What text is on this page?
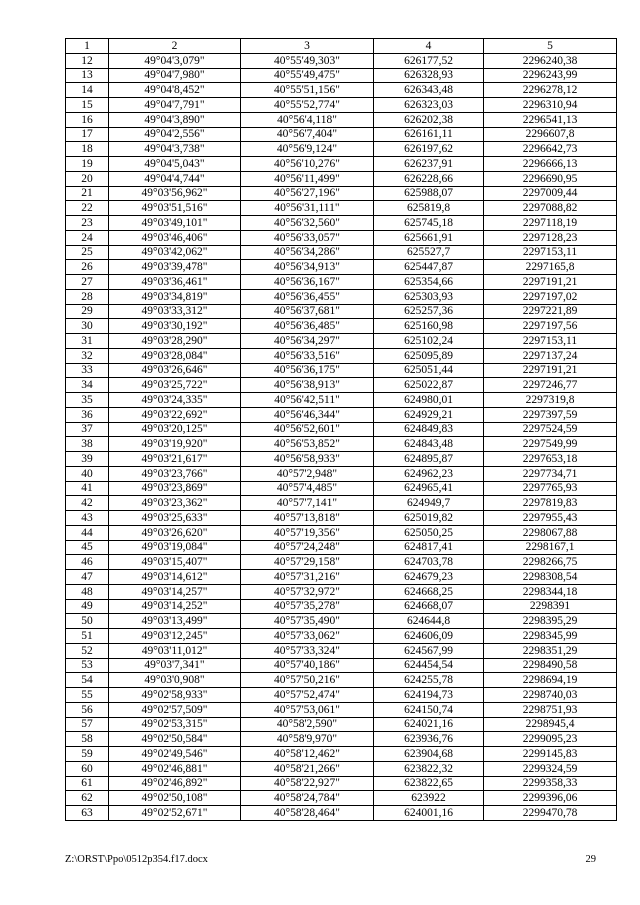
1	2	3	4	5
12	49°04'3,079"	40°55'49,303"	626177,52	2296240,38
13	49°04'7,980"	40°55'49,475"	626328,93	2296243,99
14	49°04'8,452"	40°55'51,156"	626343,48	2296278,12
15	49°04'7,791"	40°55'52,774"	626323,03	2296310,94
16	49°04'3,890"	40°56'4,118"	626202,38	2296541,13
17	49°04'2,556"	40°56'7,404"	626161,11	2296607,8
18	49°04'3,738"	40°56'9,124"	626197,62	2296642,73
19	49°04'5,043"	40°56'10,276"	626237,91	2296666,13
20	49°04'4,744"	40°56'11,499"	626228,66	2296690,95
21	49°03'56,962"	40°56'27,196"	625988,07	2297009,44
22	49°03'51,516"	40°56'31,111"	625819,8	2297088,82
23	49°03'49,101"	40°56'32,560"	625745,18	2297118,19
24	49°03'46,406"	40°56'33,057"	625661,91	2297128,23
25	49°03'42,062"	40°56'34,286"	625527,7	2297153,11
26	49°03'39,478"	40°56'34,913"	625447,87	2297165,8
27	49°03'36,461"	40°56'36,167"	625354,66	2297191,21
28	49°03'34,819"	40°56'36,455"	625303,93	2297197,02
29	49°03'33,312"	40°56'37,681"	625257,36	2297221,89
30	49°03'30,192"	40°56'36,485"	625160,98	2297197,56
31	49°03'28,290"	40°56'34,297"	625102,24	2297153,11
32	49°03'28,084"	40°56'33,516"	625095,89	2297137,24
33	49°03'26,646"	40°56'36,175"	625051,44	2297191,21
34	49°03'25,722"	40°56'38,913"	625022,87	2297246,77
35	49°03'24,335"	40°56'42,511"	624980,01	2297319,8
36	49°03'22,692"	40°56'46,344"	624929,21	2297397,59
37	49°03'20,125"	40°56'52,601"	624849,83	2297524,59
38	49°03'19,920"	40°56'53,852"	624843,48	2297549,99
39	49°03'21,617"	40°56'58,933"	624895,87	2297653,18
40	49°03'23,766"	40°57'2,948"	624962,23	2297734,71
41	49°03'23,869"	40°57'4,485"	624965,41	2297765,93
42	49°03'23,362"	40°57'7,141"	624949,7	2297819,83
43	49°03'25,633"	40°57'13,818"	625019,82	2297955,43
44	49°03'26,620"	40°57'19,356"	625050,25	2298067,88
45	49°03'19,084"	40°57'24,248"	624817,41	2298167,1
46	49°03'15,407"	40°57'29,158"	624703,78	2298266,75
47	49°03'14,612"	40°57'31,216"	624679,23	2298308,54
48	49°03'14,257"	40°57'32,972"	624668,25	2298344,18
49	49°03'14,252"	40°57'35,278"	624668,07	2298391
50	49°03'13,499"	40°57'35,490"	624644,8	2298395,29
51	49°03'12,245"	40°57'33,062"	624606,09	2298345,99
52	49°03'11,012"	40°57'33,324"	624567,99	2298351,29
53	49°03'7,341"	40°57'40,186"	624454,54	2298490,58
54	49°03'0,908"	40°57'50,216"	624255,78	2298694,19
55	49°02'58,933"	40°57'52,474"	624194,73	2298740,03
56	49°02'57,509"	40°57'53,061"	624150,74	2298751,93
57	49°02'53,315"	40°58'2,590"	624021,16	2298945,4
58	49°02'50,584"	40°58'9,970"	623936,76	2299095,23
59	49°02'49,546"	40°58'12,462"	623904,68	2299145,83
60	49°02'46,881"	40°58'21,266"	623822,32	2299324,59
61	49°02'46,892"	40°58'22,927"	623822,65	2299358,33
62	49°02'50,108"	40°58'24,784"	623922	2299396,06
63	49°02'52,671"	40°58'28,464"	624001,16	2299470,78
Z:\ORST\Ppo\0512p354.f17.docx	29
